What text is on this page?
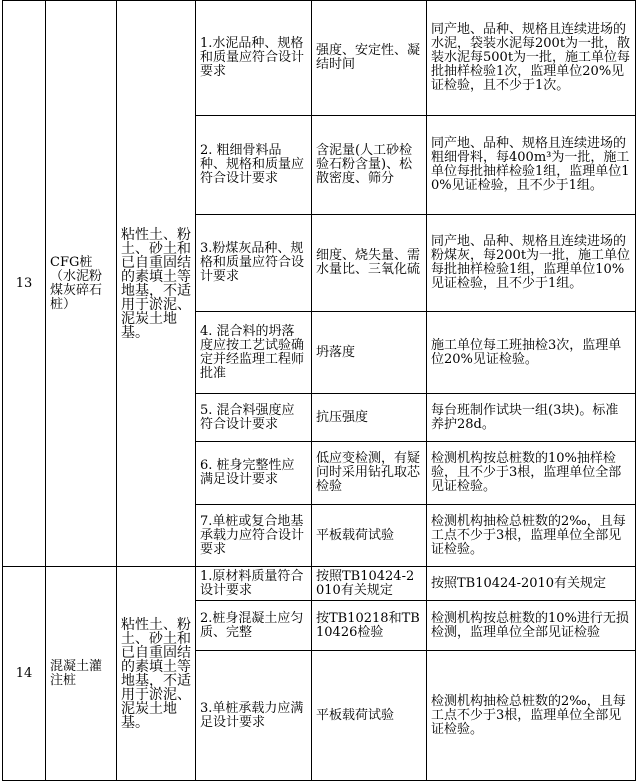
13	CFG桩（水泥粉煤灰碎石桩）	粘性土、粉土、砂土和已自重固结的素填土等地基，不适用于淤泥、泥炭土地基。	1.水泥品种、规格和质量应符合设计要求	强度、安定性、凝结时间	同产地、品种、规格且连续进场的水泥，袋装水泥每200t为一批，散装水泥每500t为一批，施工单位每批抽样检验1次，监理单位20%见证检验，且不少于1次。
			2. 粗细骨料品种、规格和质量应符合设计要求	含泥量(人工砂检验石粉含量)、松散密度、筛分	同产地、品种、规格且连续进场的粗细骨料，每400m³为一批，施工单位每批抽样检验1组，监理单位10%见证检验，且不少于1组。
			3.粉煤灰品种、规格和质量应符合设计要求	细度、烧失量、需水量比、三氧化硫	同产地、品种、规格且连续进场的粉煤灰，每200t为一批，施工单位每批抽样检验1组，监理单位10%见证检验，且不少于1组。
			4. 混合料的坍落度应按工艺试验确定并经监理工程师批准	坍落度	施工单位每工班抽检3次，监理单位20%见证检验。
			5. 混合料强度应符合设计要求	抗压强度	每台班制作试块一组(3块)。标准养护28d。
			6. 桩身完整性应满足设计要求	低应变检测，有疑问时采用钻孔取芯检验	检测机构按总桩数的10%抽样检验，且不少于3根，监理单位全部见证检验。
			7.单桩或复合地基承载力应符合设计要求	平板载荷试验	检测机构抽检总桩数的2‰，且每工点不少于3根，监理单位全部见证检验。
14	混凝土灌注桩	粘性土、粉土、砂土和已自重固结的素填土等地基，不适用于淤泥、泥炭土地基。	1.原材料质量符合设计要求	按照TB10424-2010有关规定	按照TB10424-2010有关规定
			2.桩身混凝土应匀质、完整	按TB10218和TB10426检验	检测机构按总桩数的10%进行无损检测，监理单位全部见证检验
			3.单桩承载力应满足设计要求	平板载荷试验	检测机构抽检总桩数的2‰，且每工点不少于3根，监理单位全部见证检验。
